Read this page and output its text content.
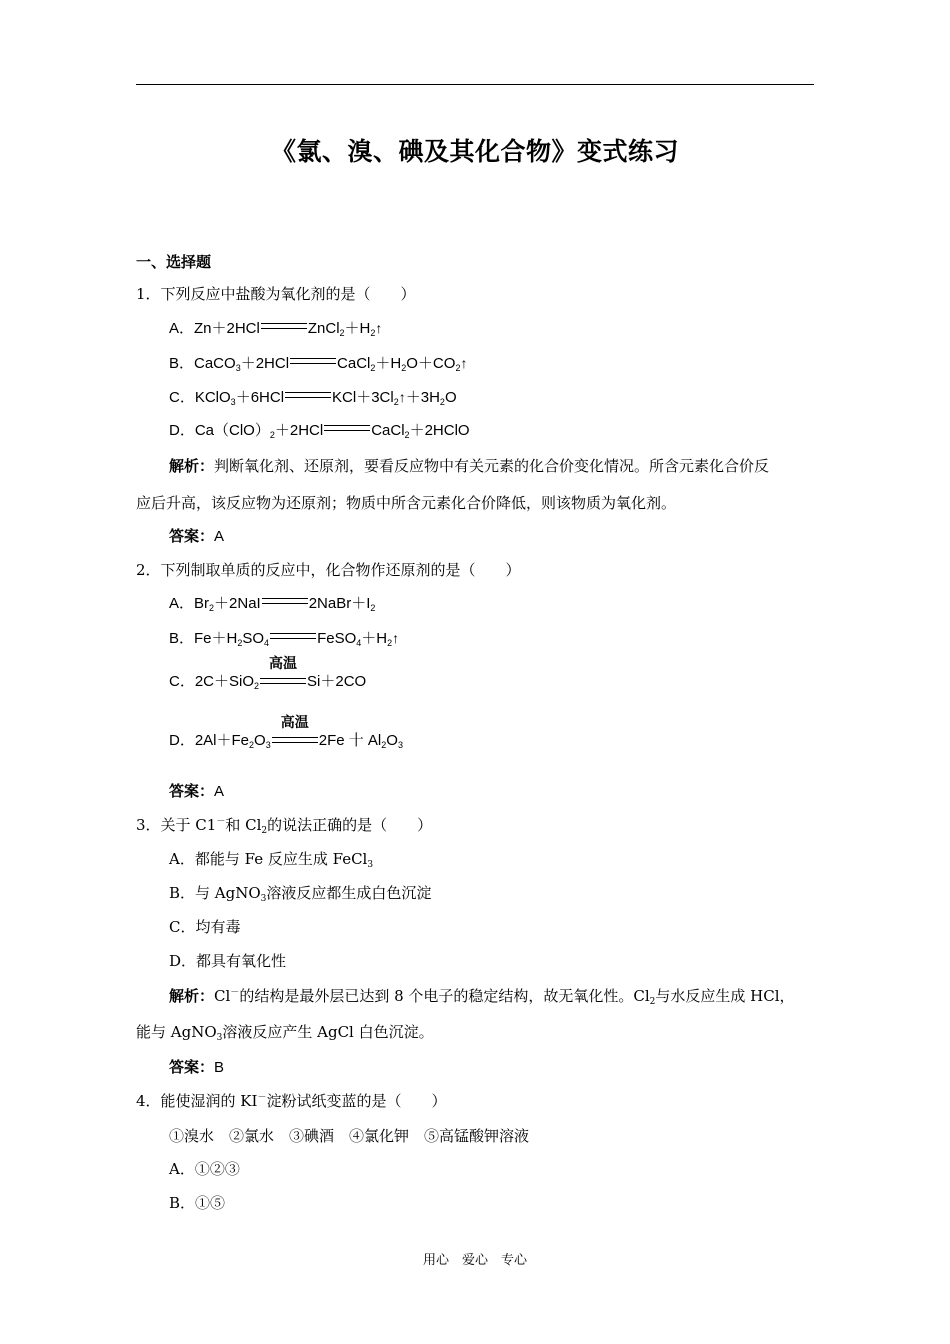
《氯、溴、碘及其化合物》变式练习
一、选择题
1．下列反应中盐酸为氧化剂的是（　　）
A．Zn＋2HCl	$ZnCl_2+H_2↑$
B．CaCO$_3$＋2HCl	$CaCl_2+H_2O+CO_2↑$
C．KClO$_3$＋6HCl	$KCl+3Cl_2↑+3H_2O$
D．$Ca(ClO)_2+2HCl$	CaCl$_2$＋2HClO
解析：判断氧化剂、还原剂，要看反应物中有关元素的化合价变化情况。所含元素化合价反
应后升高，该反应物为还原剂；物质中所含元素化合价降低，则该物质为氧化剂。
答案：A
2．下列制取单质的反应中，化合物作还原剂的是（　　）
A．$Br_2+2NaI$	$2NaBr+I_2$
B．$Fe+H_2SO_4$	$FeSO_4+H_2↑$
C．2C＋SiO$_2$
高温
Si＋2CO
D．$2Al+Fe_2O_3$
高温
2Fe 十 $Al_2O_3$
答案：A
3．关于 C1－和 $Cl_2$的说法正确的是（　　）
A．都能与 Fe 反应生成 FeCl$_3$
B．与 AgNO$_3$溶液反应都生成白色沉淀
C．均有毒
D．都具有氧化性
解析：Cl－的结构是最外层已达到 8 个电子的稳定结构，故无氧化性。$Cl_2$与水反应生成 HCl，
能与 AgNO$_3$溶液反应产生 AgCl 白色沉淀。
答案：B
4．能使湿润的 KI－淀粉试纸变蓝的是（　　）
①溴水　②氯水　③碘酒　④氯化钾　⑤高锰酸钾溶液
A．①②③
B．①⑤
用心　爱心　专心
